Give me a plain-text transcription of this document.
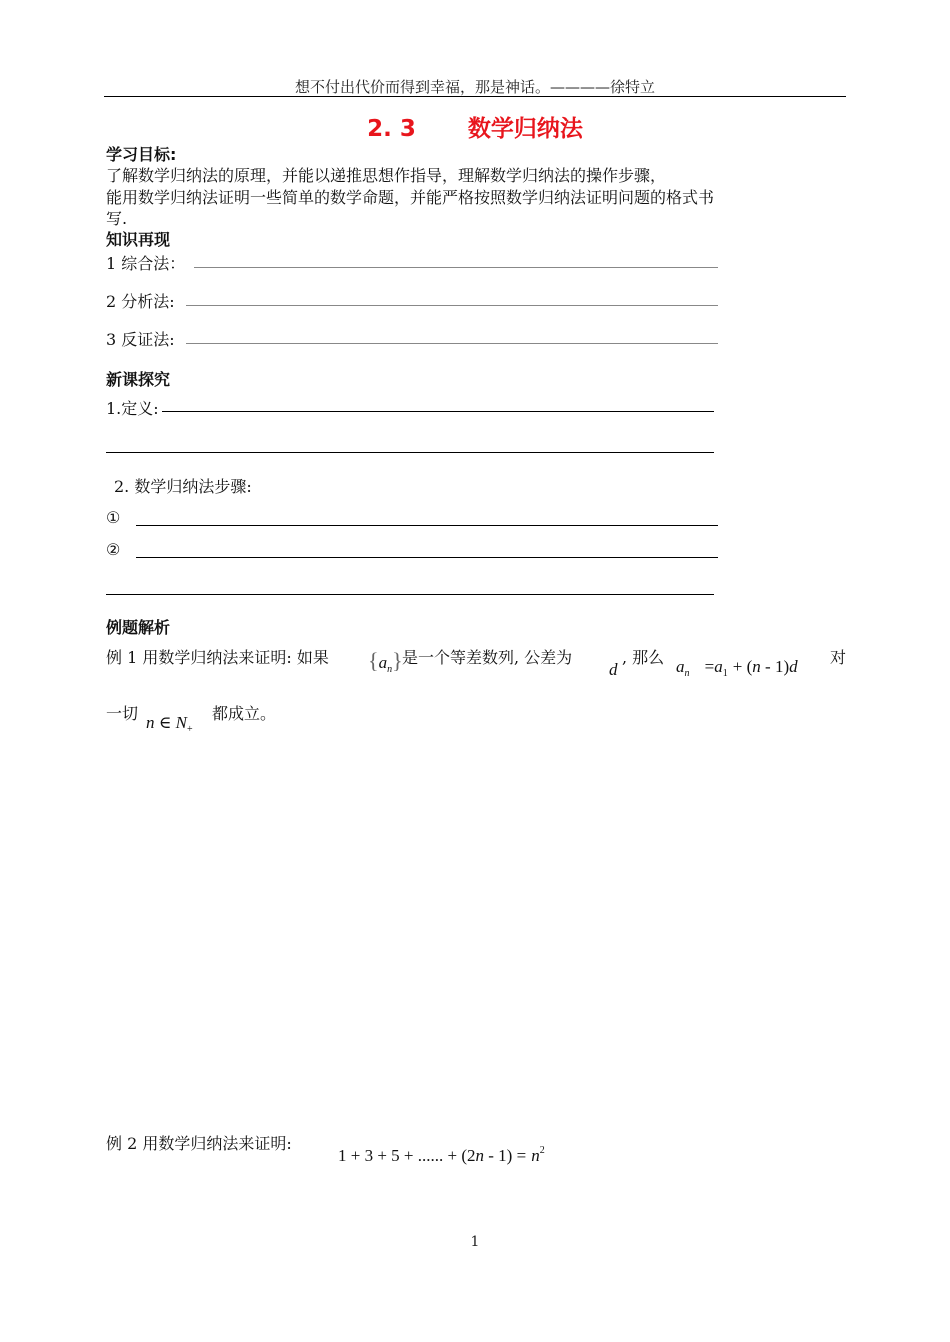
想不付出代价而得到幸福，那是神话。————徐特立
2. 3 数学归纳法
学习目标:
了解数学归纳法的原理，并能以递推思想作指导，理解数学归纳法的操作步骤，
能用数学归纳法证明一些简单的数学命题，并能严格按照数学归纳法证明问题的格式书
写.
知识再现
1 综合法：
2 分析法:
3 反证法:
新课探究
1.定义:
2. 数学归纳法步骤:
①
②
例题解析
例 1 用数学归纳法来证明: 如果 $\{a_n\}$ 是一个等差数列, 公差为
d
, 那么 $a_n =a_1 + (n - 1)d$ 对
一切 n ∈ $N_+$
都成立。
例 2 用数学归纳法来证明:
1 + 3 + 5 + ...... + $(2n - 1) = n^2$
1
